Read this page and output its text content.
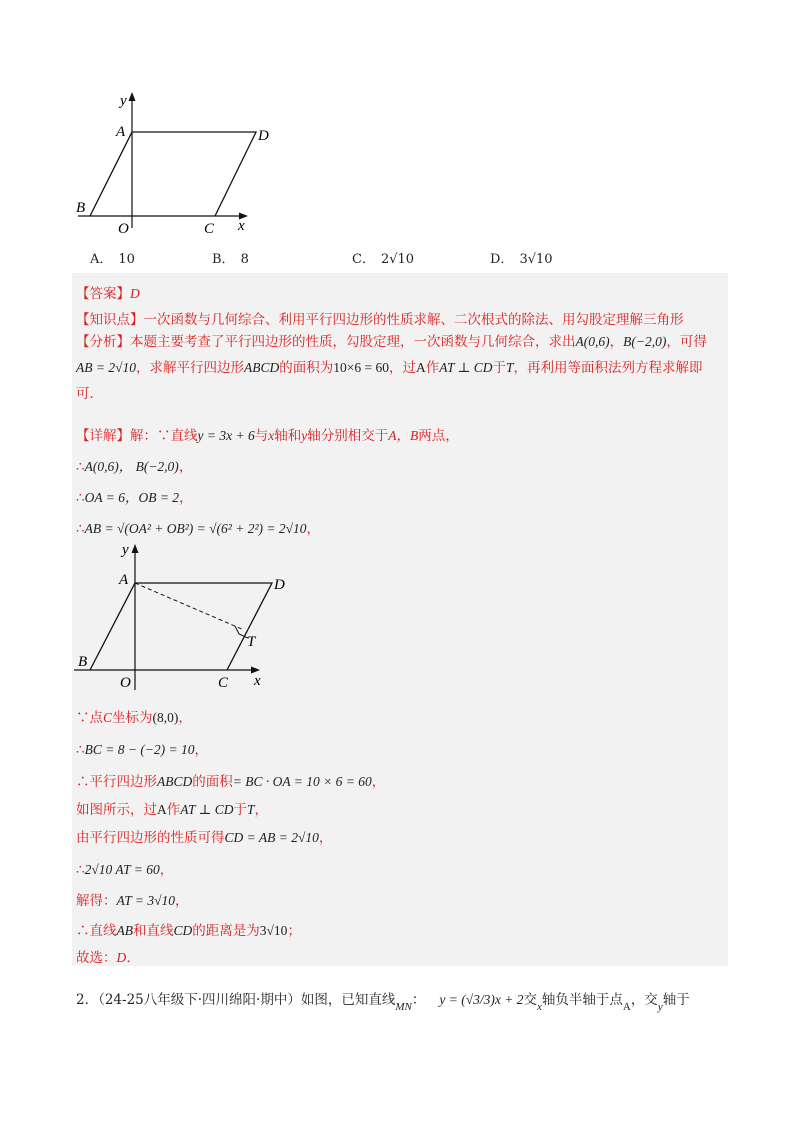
y
x
A	D
B
O	C
A． 10	B． 8	C． 2√10	D． 3√10
【答案】D
【知识点】一次函数与几何综合、利用平行四边形的性质求解、二次根式的除法、用勾股定理解三角形
【分析】本题主要考查了平行四边形的性质，勾股定理，一次函数与几何综合，求出A(0,6)，B(−2,0)，可得AB = 2√10，求解平行四边形ABCD的面积为10×6 = 60，过A作AT ⊥ CD于T，再利用等面积法列方程求解即可．
【详解】解：∵直线y = 3x + 6与x轴和y轴分别相交于A，B两点，
∴A(0,6)， B(−2,0)，
∴OA = 6，OB = 2，
∴AB = √(OA² + OB²) = √(6² + 2²) = 2√10，
y
x
A	D
T
B
O	C
∵点C坐标为(8,0)，
∴BC = 8 − (−2) = 10，
∴平行四边形ABCD的面积= BC · OA = 10 × 6 = 60，
如图所示，过A作AT ⊥ CD于T，
由平行四边形的性质可得CD = AB = 2√10，
∴2√10 AT = 60，
解得：AT = 3√10，
∴直线AB和直线CD的距离是为3√10；
故选：D．
2．（24-25八年级下·四川绵阳·期中）如图，已知直线$_{MN}$： y = (√3/3)x + 2交$_x$轴负半轴于点$_A$，交$_y$轴于
